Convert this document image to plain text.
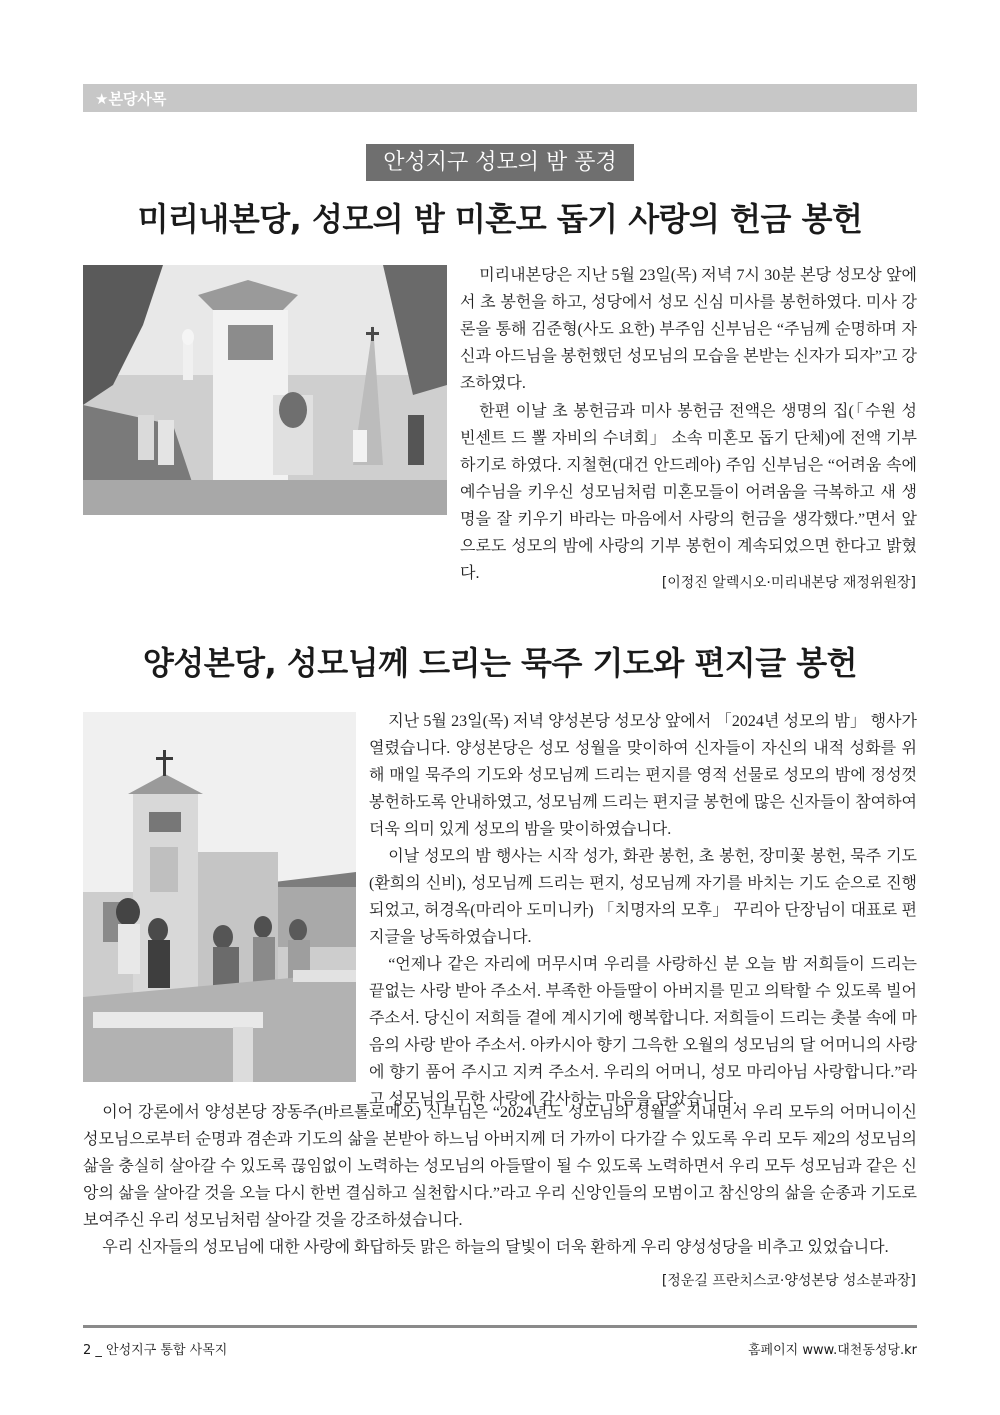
★본당사목
안성지구 성모의 밤 풍경
미리내본당, 성모의 밤 미혼모 돕기 사랑의 헌금 봉헌

미리내본당은 지난 5월 23일(목) 저녁 7시 30분 본당 성모상 앞에서 초 봉헌을 하고, 성당에서 성모 신심 미사를 봉헌하였다. 미사 강론을 통해 김준형(사도 요한) 부주임 신부님은 “주님께 순명하며 자신과 아드님을 봉헌했던 성모님의 모습을 본받는 신자가 되자”고 강조하였다.

한편 이날 초 봉헌금과 미사 봉헌금 전액은 생명의 집(「수원 성 빈센트 드 뽈 자비의 수녀회」 소속 미혼모 돕기 단체)에 전액 기부하기로 하였다. 지철현(대건 안드레아) 주임 신부님은 “어려움 속에 예수님을 키우신 성모님처럼 미혼모들이 어려움을 극복하고 새 생명을 잘 키우기 바라는 마음에서 사랑의 헌금을 생각했다.”면서 앞으로도 성모의 밤에 사랑의 기부 봉헌이 계속되었으면 한다고 밝혔다.

[이정진 알렉시오·미리내본당 재정위원장]
양성본당, 성모님께 드리는 묵주 기도와 편지글 봉헌

지난 5월 23일(목) 저녁 양성본당 성모상 앞에서 「2024년 성모의 밤」 행사가 열렸습니다. 양성본당은 성모 성월을 맞이하여 신자들이 자신의 내적 성화를 위해 매일 묵주의 기도와 성모님께 드리는 편지를 영적 선물로 성모의 밤에 정성껏 봉헌하도록 안내하였고, 성모님께 드리는 편지글 봉헌에 많은 신자들이 참여하여 더욱 의미 있게 성모의 밤을 맞이하였습니다.

이날 성모의 밤 행사는 시작 성가, 화관 봉헌, 초 봉헌, 장미꽃 봉헌, 묵주 기도(환희의 신비), 성모님께 드리는 편지, 성모님께 자기를 바치는 기도 순으로 진행되었고, 허경옥(마리아 도미니카) 「치명자의 모후」 꾸리아 단장님이 대표로 편지글을 낭독하였습니다.

“언제나 같은 자리에 머무시며 우리를 사랑하신 분 오늘 밤 저희들이 드리는 끝없는 사랑 받아 주소서. 부족한 아들딸이 아버지를 믿고 의탁할 수 있도록 빌어 주소서. 당신이 저희들 곁에 계시기에 행복합니다. 저희들이 드리는 촛불 속에 마음의 사랑 받아 주소서. 아카시아 향기 그윽한 오월의 성모님의 달 어머니의 사랑에 향기 품어 주시고 지켜 주소서. 우리의 어머니, 성모 마리아님 사랑합니다.”라고 성모님의 무한 사랑에 감사하는 마음을 담았습니다.

이어 강론에서 양성본당 장동주(바르톨로메오) 신부님은 “2024년도 성모님의 성월을 지내면서 우리 모두의 어머니이신 성모님으로부터 순명과 겸손과 기도의 삶을 본받아 하느님 아버지께 더 가까이 다가갈 수 있도록 우리 모두 제2의 성모님의 삶을 충실히 살아갈 수 있도록 끊임없이 노력하는 성모님의 아들딸이 될 수 있도록 노력하면서 우리 모두 성모님과 같은 신앙의 삶을 살아갈 것을 오늘 다시 한번 결심하고 실천합시다.”라고 우리 신앙인들의 모범이고 참신앙의 삶을 순종과 기도로 보여주신 우리 성모님처럼 살아갈 것을 강조하셨습니다.

우리 신자들의 성모님에 대한 사랑에 화답하듯 맑은 하늘의 달빛이 더욱 환하게 우리 양성성당을 비추고 있었습니다.

[정운길 프란치스코·양성본당 성소분과장]
2 _ 안성지구 통합 사목지	홈페이지 www.대천동성당.kr
